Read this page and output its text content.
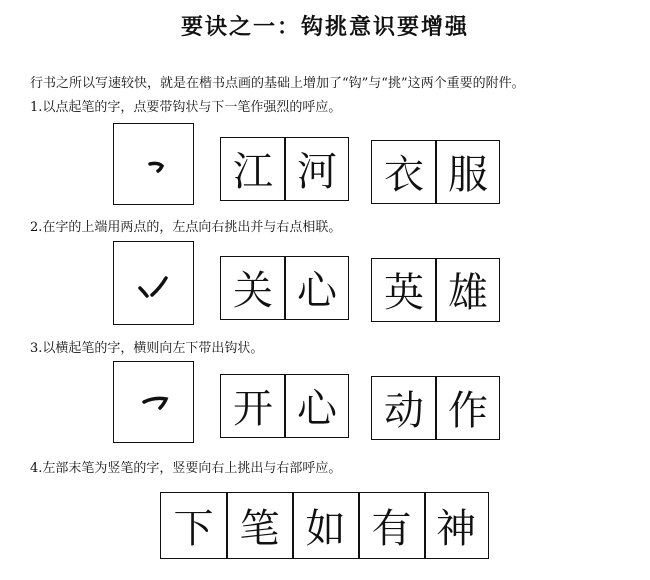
要诀之一：钩挑意识要增强
行书之所以写速较快，就是在楷书点画的基础上增加了“钩”与“挑”这两个重要的附件。
1.以点起笔的字，点要带钩状与下一笔作强烈的呼应。
江 河	衣 服
2.在字的上端用两点的，左点向右挑出并与右点相联。
关 心	英 雄
3.以横起笔的字，横则向左下带出钩状。
开 心	动 作
4.左部末笔为竖笔的字，竖要向右上挑出与右部呼应。
下 笔 如 有 神
